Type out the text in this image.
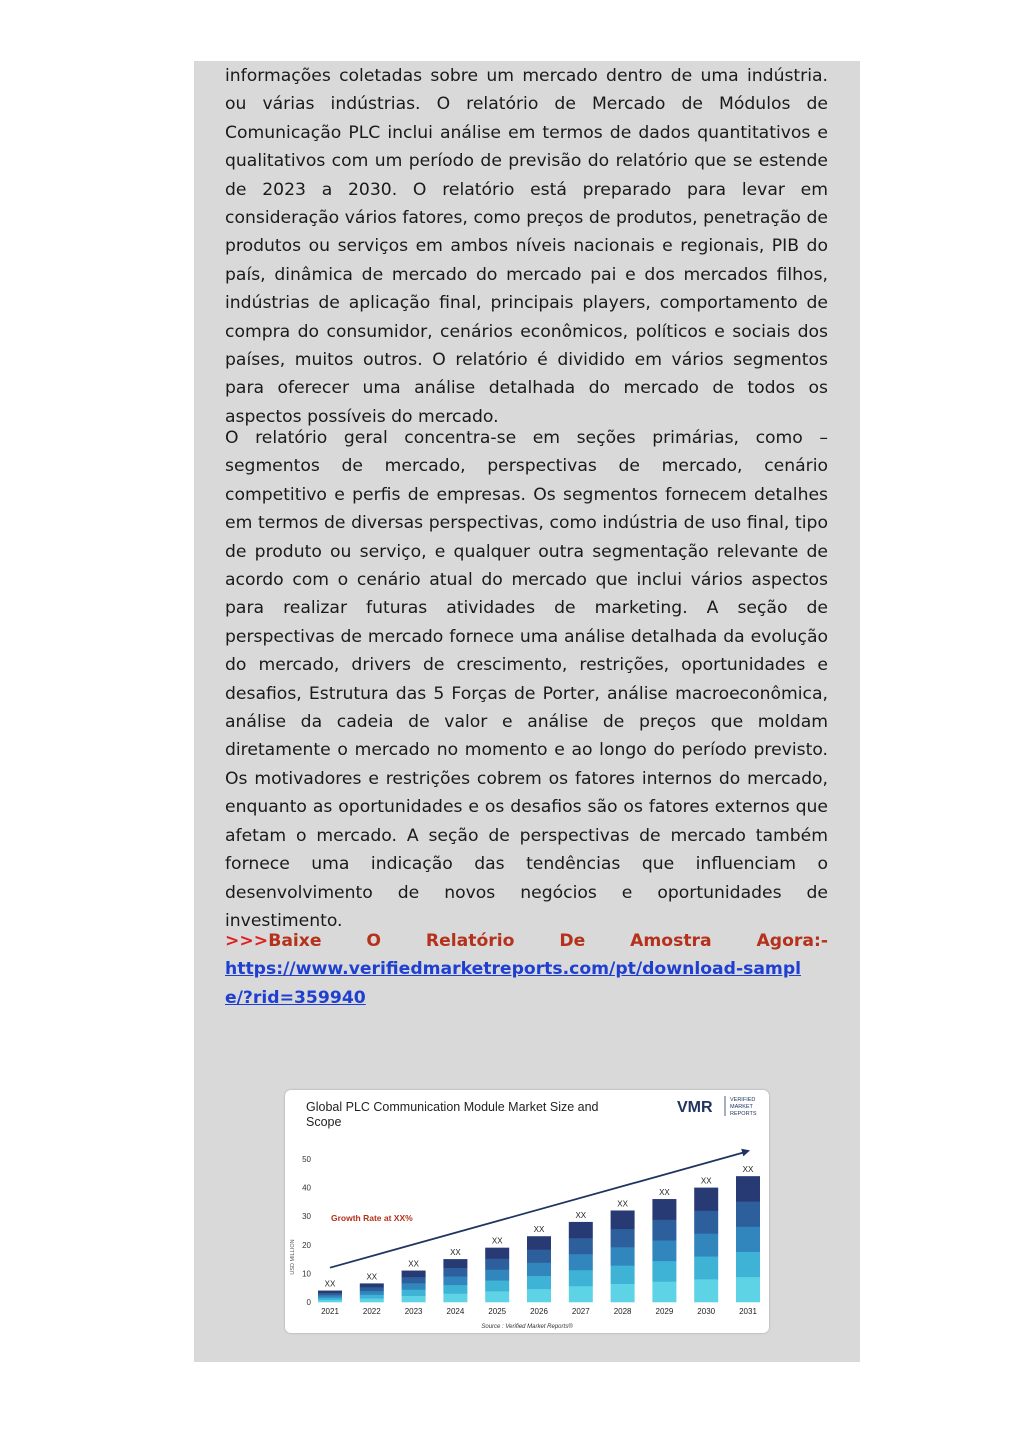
informações coletadas sobre um mercado dentro de uma indústria. ou várias indústrias. O relatório de Mercado de Módulos de Comunicação PLC inclui análise em termos de dados quantitativos e qualitativos com um período de previsão do relatório que se estende de 2023 a 2030. O relatório está preparado para levar em consideração vários fatores, como preços de produtos, penetração de produtos ou serviços em ambos níveis nacionais e regionais, PIB do país, dinâmica de mercado do mercado pai e dos mercados filhos, indústrias de aplicação final, principais players, comportamento de compra do consumidor, cenários econômicos, políticos e sociais dos países, muitos outros. O relatório é dividido em vários segmentos para oferecer uma análise detalhada do mercado de todos os aspectos possíveis do mercado.

O relatório geral concentra-se em seções primárias, como – segmentos de mercado, perspectivas de mercado, cenário competitivo e perfis de empresas. Os segmentos fornecem detalhes em termos de diversas perspectivas, como indústria de uso final, tipo de produto ou serviço, e qualquer outra segmentação relevante de acordo com o cenário atual do mercado que inclui vários aspectos para realizar futuras atividades de marketing. A seção de perspectivas de mercado fornece uma análise detalhada da evolução do mercado, drivers de crescimento, restrições, oportunidades e desafios, Estrutura das 5 Forças de Porter, análise macroeconômica, análise da cadeia de valor e análise de preços que moldam diretamente o mercado no momento e ao longo do período previsto. Os motivadores e restrições cobrem os fatores internos do mercado, enquanto as oportunidades e os desafios são os fatores externos que afetam o mercado. A seção de perspectivas de mercado também fornece uma indicação das tendências que influenciam o desenvolvimento de novos negócios e oportunidades de investimento.

>>>Baixe	O	Relatório	De	Amostra	Agora:-
https://www.verifiedmarketreports.com/pt/download-sample/?rid=359940
Global PLC Communication Module Market Size and
Scope
VMR	VERIFIED
MARKET
REPORTS
USD MILLION
0
10
20
30
40
50
2021	2022	2023	2024	2025	2026	2027	2028	2029	2030	2031
XX
XX
XX
XX
XX
XX
XX
XX
XX
XX
XX
Growth Rate at XX%
Source : Verified Market Reports®
